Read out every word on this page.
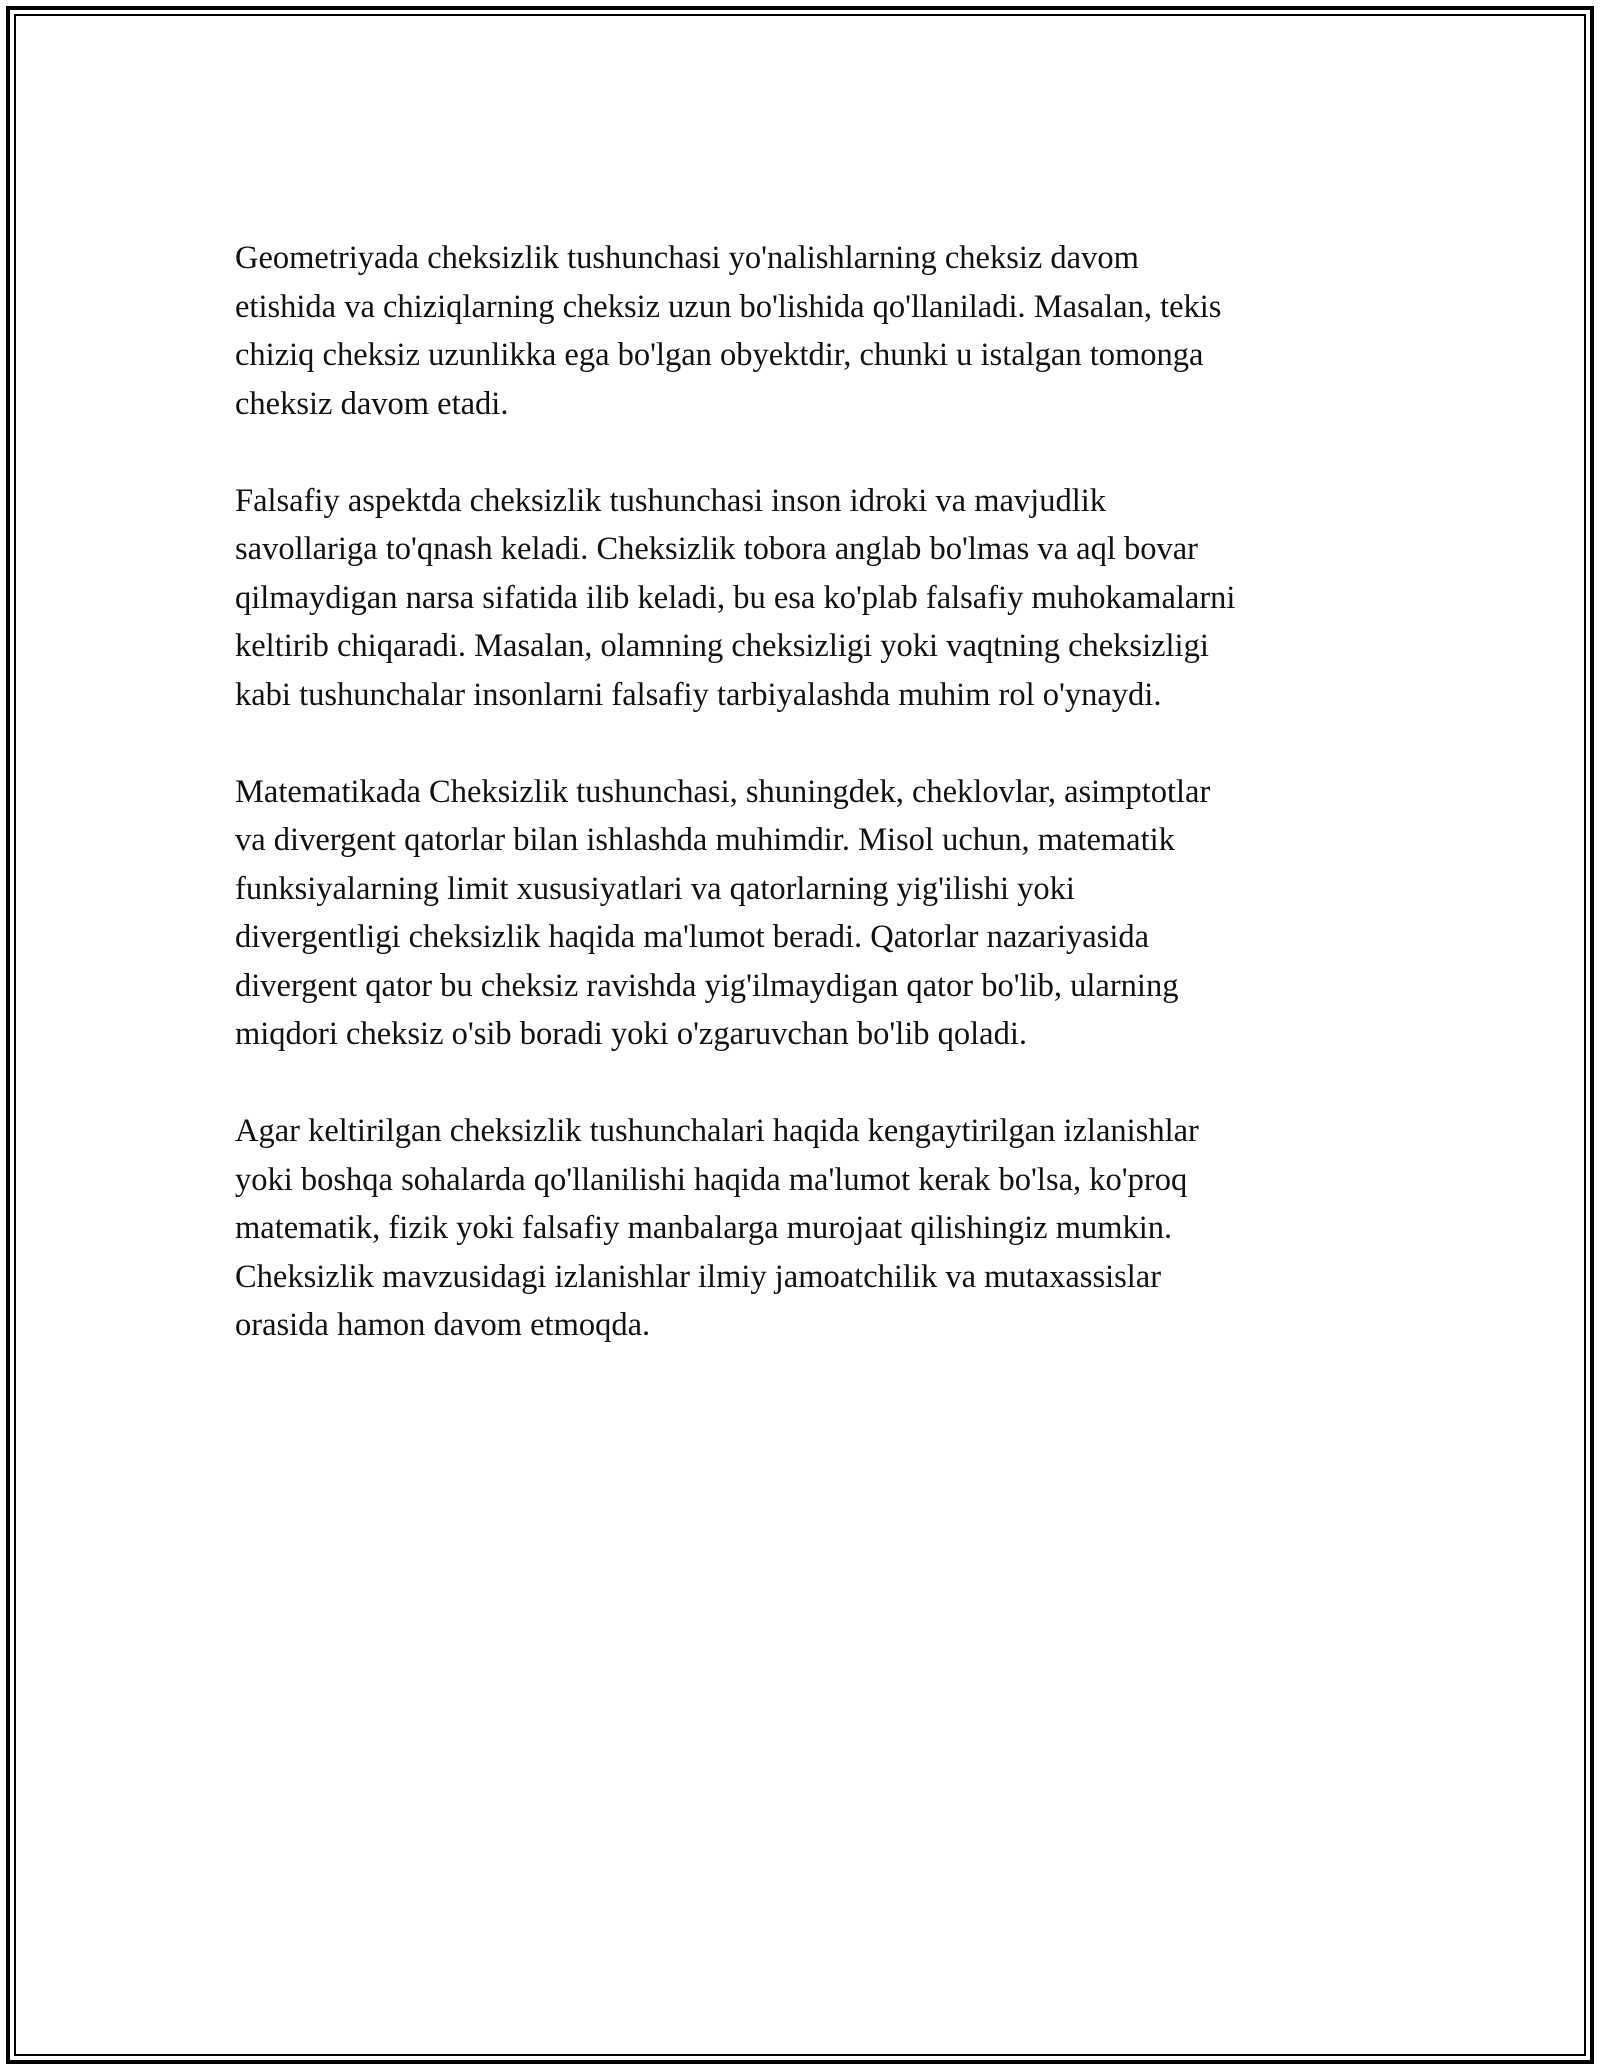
Geometriyada cheksizlik tushunchasi yo'nalishlarning cheksiz davom
etishida va chiziqlarning cheksiz uzun bo'lishida qo'llaniladi. Masalan, tekis
chiziq cheksiz uzunlikka ega bo'lgan obyektdir, chunki u istalgan tomonga
cheksiz davom etadi.

Falsafiy aspektda cheksizlik tushunchasi inson idroki va mavjudlik
savollariga to'qnash keladi. Cheksizlik tobora anglab bo'lmas va aql bovar
qilmaydigan narsa sifatida ilib keladi, bu esa ko'plab falsafiy muhokamalarni
keltirib chiqaradi. Masalan, olamning cheksizligi yoki vaqtning cheksizligi
kabi tushunchalar insonlarni falsafiy tarbiyalashda muhim rol o'ynaydi.

Matematikada Cheksizlik tushunchasi, shuningdek, cheklovlar, asimptotlar
va divergent qatorlar bilan ishlashda muhimdir. Misol uchun, matematik
funksiyalarning limit xususiyatlari va qatorlarning yig'ilishi yoki
divergentligi cheksizlik haqida ma'lumot beradi. Qatorlar nazariyasida
divergent qator bu cheksiz ravishda yig'ilmaydigan qator bo'lib, ularning
miqdori cheksiz o'sib boradi yoki o'zgaruvchan bo'lib qoladi.

Agar keltirilgan cheksizlik tushunchalari haqida kengaytirilgan izlanishlar
yoki boshqa sohalarda qo'llanilishi haqida ma'lumot kerak bo'lsa, ko'proq
matematik, fizik yoki falsafiy manbalarga murojaat qilishingiz mumkin.
Cheksizlik mavzusidagi izlanishlar ilmiy jamoatchilik va mutaxassislar
orasida hamon davom etmoqda.
